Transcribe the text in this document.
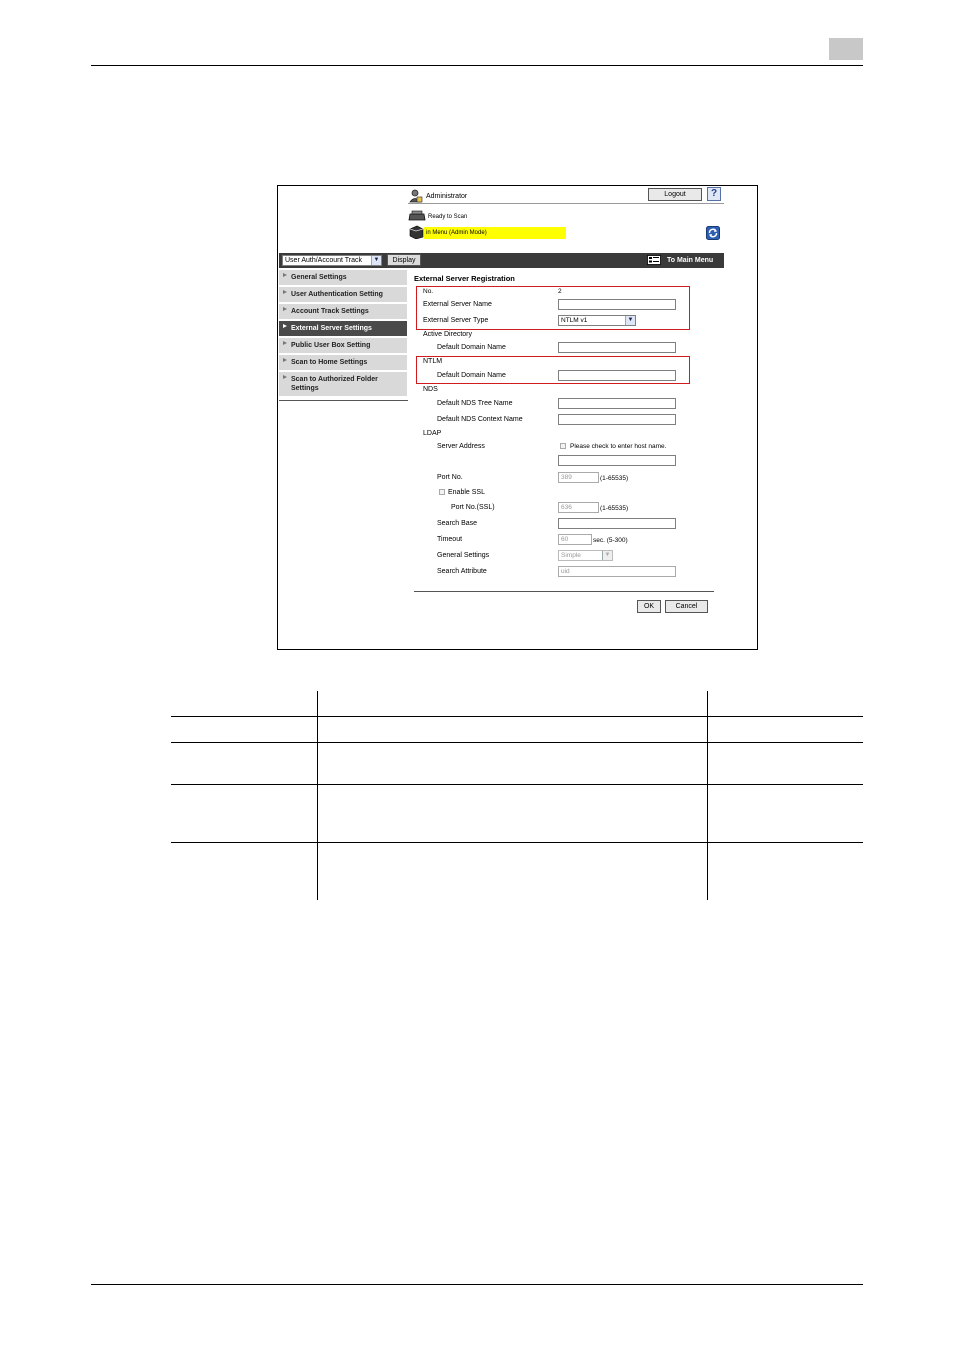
Administrator	Logout	?
Ready to Scan
in Menu (Admin Mode)
User Auth/Account Track	▼	Display	To Main Menu
General Settings
User Authentication Setting
Account Track Settings
External Server Settings
Public User Box Setting
Scan to Home Settings
Scan to Authorized Folder
Settings
External Server Registration
No.	2
External Server Name
External Server Type	NTLM v1	▼
Active Directory
Default Domain Name
NTLM
Default Domain Name
NDS
Default NDS Tree Name
Default NDS Context Name
LDAP
Server Address	Please check to enter host name.
Port No.	389	(1-65535)
Enable SSL
Port No.(SSL)	636	(1-65535)
Search Base
Timeout	60	sec. (5-300)
General Settings	Simple	▼
Search Attribute	uid
OK	Cancel
